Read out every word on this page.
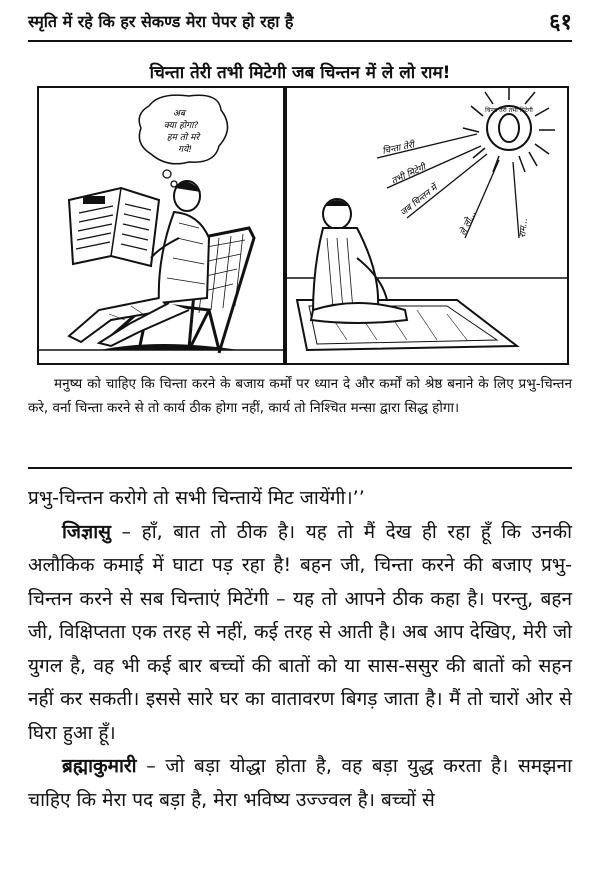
स्मृति में रहे कि हर सेकण्ड मेरा पेपर हो रहा है	६१
चिन्ता तेरी तभी मिटेगी जब चिन्तन में ले लो राम!
अब
क्या होगा?
हम तो मरे
गये!
चिन्ता तेरी तभी मिटेगी
चिन्ता तेरी
तभी मिटेगी
जब चिन्तन में
ले लो...	राम...
मनुष्य को चाहिए कि चिन्ता करने के बजाय कर्मों पर ध्यान दे और कर्मों को श्रेष्ठ बनाने के लिए प्रभु-चिन्तन करे, वर्ना चिन्ता करने से तो कार्य ठीक होगा नहीं, कार्य तो निश्चित मन्सा द्वारा सिद्ध होगा।

प्रभु-चिन्तन करोगे तो सभी चिन्तायें मिट जायेंगी।’’

जिज्ञासु – हाँ, बात तो ठीक है। यह तो मैं देख ही रहा हूँ कि उनकी अलौकिक कमाई में घाटा पड़ रहा है! बहन जी, चिन्ता करने की बजाए प्रभु-चिन्तन करने से सब चिन्ताएं मिटेंगी – यह तो आपने ठीक कहा है। परन्तु, बहन जी, विक्षिप्तता एक तरह से नहीं, कई तरह से आती है। अब आप देखिए, मेरी जो युगल है, वह भी कई बार बच्चों की बातों को या सास-ससुर की बातों को सहन नहीं कर सकती। इससे सारे घर का वातावरण बिगड़ जाता है। मैं तो चारों ओर से घिरा हुआ हूँ।

ब्रह्माकुमारी – जो बड़ा योद्धा होता है, वह बड़ा युद्ध करता है। समझना चाहिए कि मेरा पद बड़ा है, मेरा भविष्य उज्ज्वल है। बच्चों से
